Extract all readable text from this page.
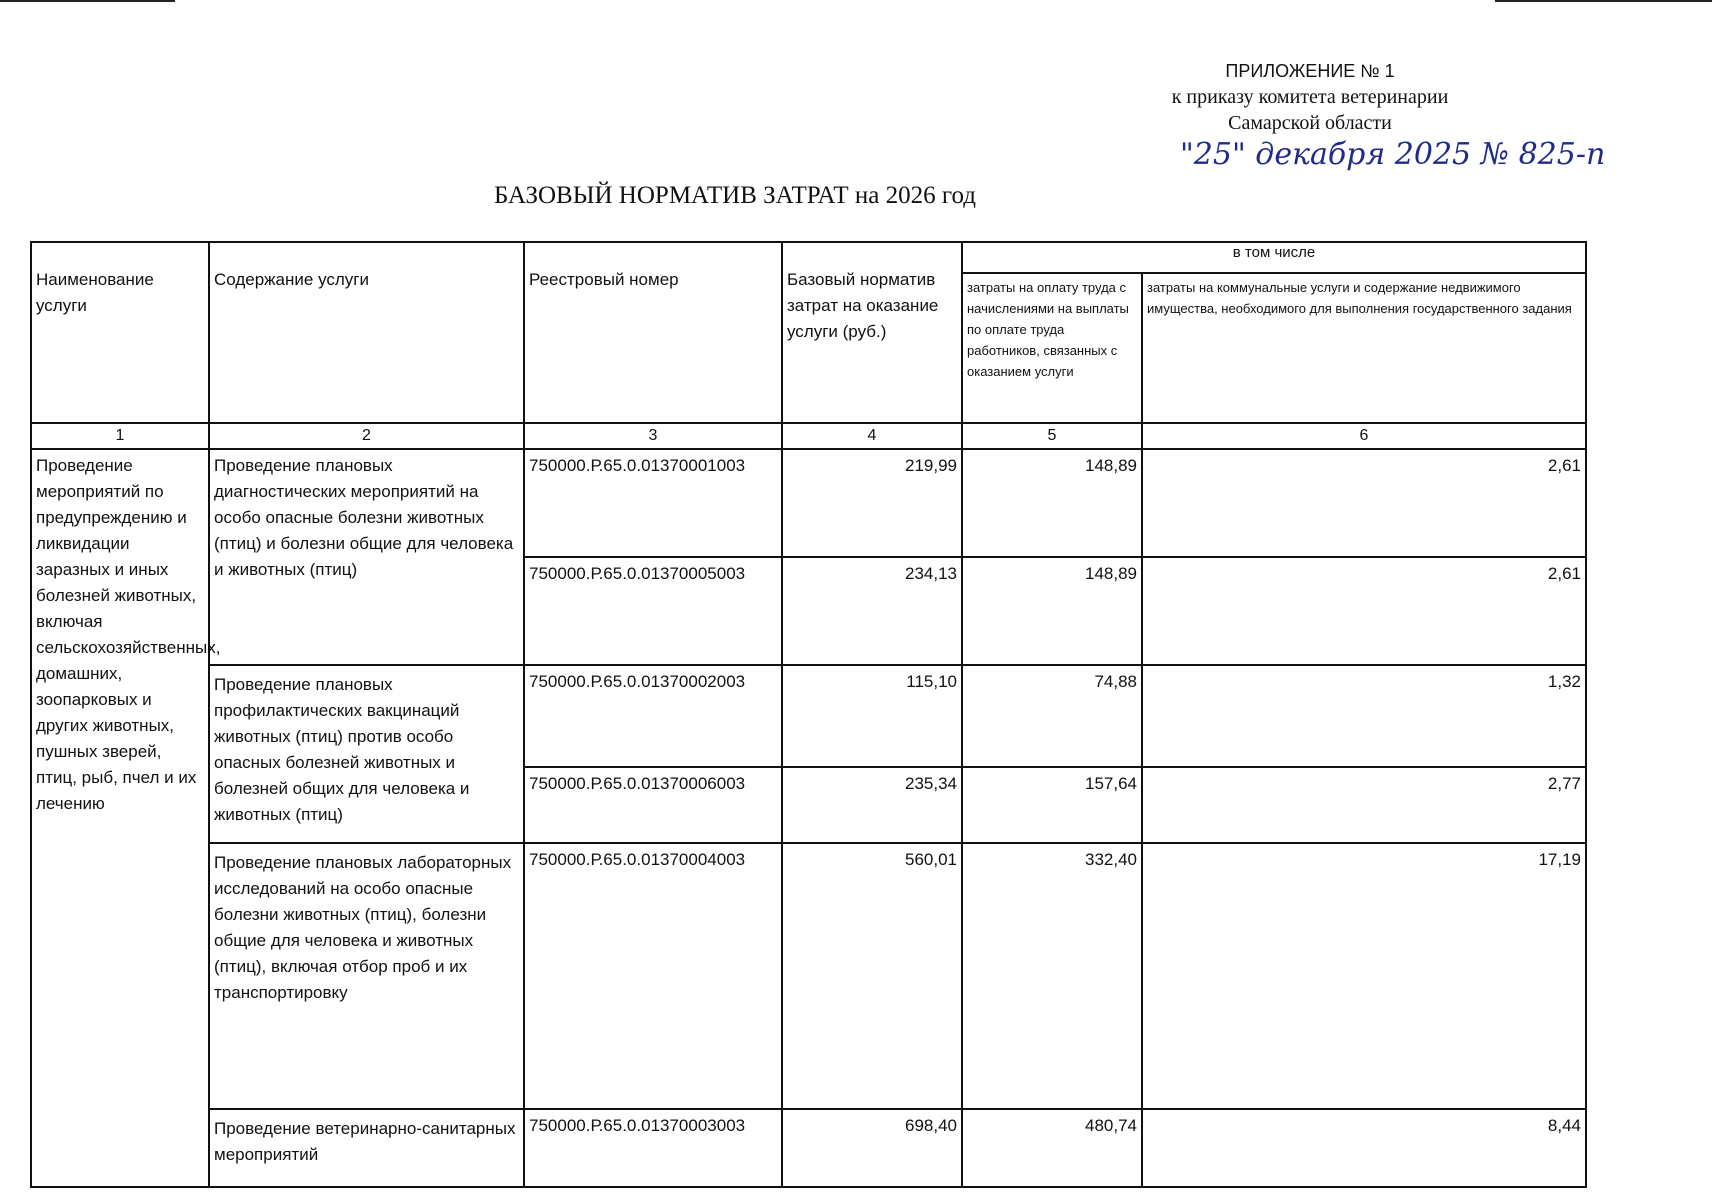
ПРИЛОЖЕНИЕ № 1
к приказу комитета ветеринарии
Самарской области
"25" декабря 2025 № 825-п
БАЗОВЫЙ НОРМАТИВ ЗАТРАТ на 2026 год
Наименование услуги	Содержание услуги	Реестровый номер	Базовый норматив затрат на оказание услуги (руб.)	в том числе	
				затраты на оплату труда с начислениями на выплаты по оплате труда работников, связанных с оказанием услуги	затраты на коммунальные услуги и содержание недвижимого имущества, необходимого для выполнения государственного задания
1	2	3	4	5	6
Проведение мероприятий по предупреждению и ликвидации заразных и иных болезней животных, включая сельскохозяйственных, домашних, зоопарковых и других животных, пушных зверей, птиц, рыб, пчел и их лечению	Проведение плановых диагностических мероприятий на особо опасные болезни животных (птиц) и болезни общие для человека и животных (птиц)	750000.Р.65.0.01370001003	219,99	148,89	2,61
		750000.Р.65.0.01370005003	234,13	148,89	2,61
	Проведение плановых профилактических вакцинаций животных (птиц) против особо опасных болезней животных и болезней общих для человека и животных (птиц)	750000.Р.65.0.01370002003	115,10	74,88	1,32
		750000.Р.65.0.01370006003	235,34	157,64	2,77
	Проведение плановых лабораторных исследований на особо опасные болезни животных (птиц), болезни общие для человека и животных (птиц), включая отбор проб и их транспортировку	750000.Р.65.0.01370004003	560,01	332,40	17,19
	Проведение ветеринарно-санитарных мероприятий	750000.Р.65.0.01370003003	698,40	480,74	8,44
